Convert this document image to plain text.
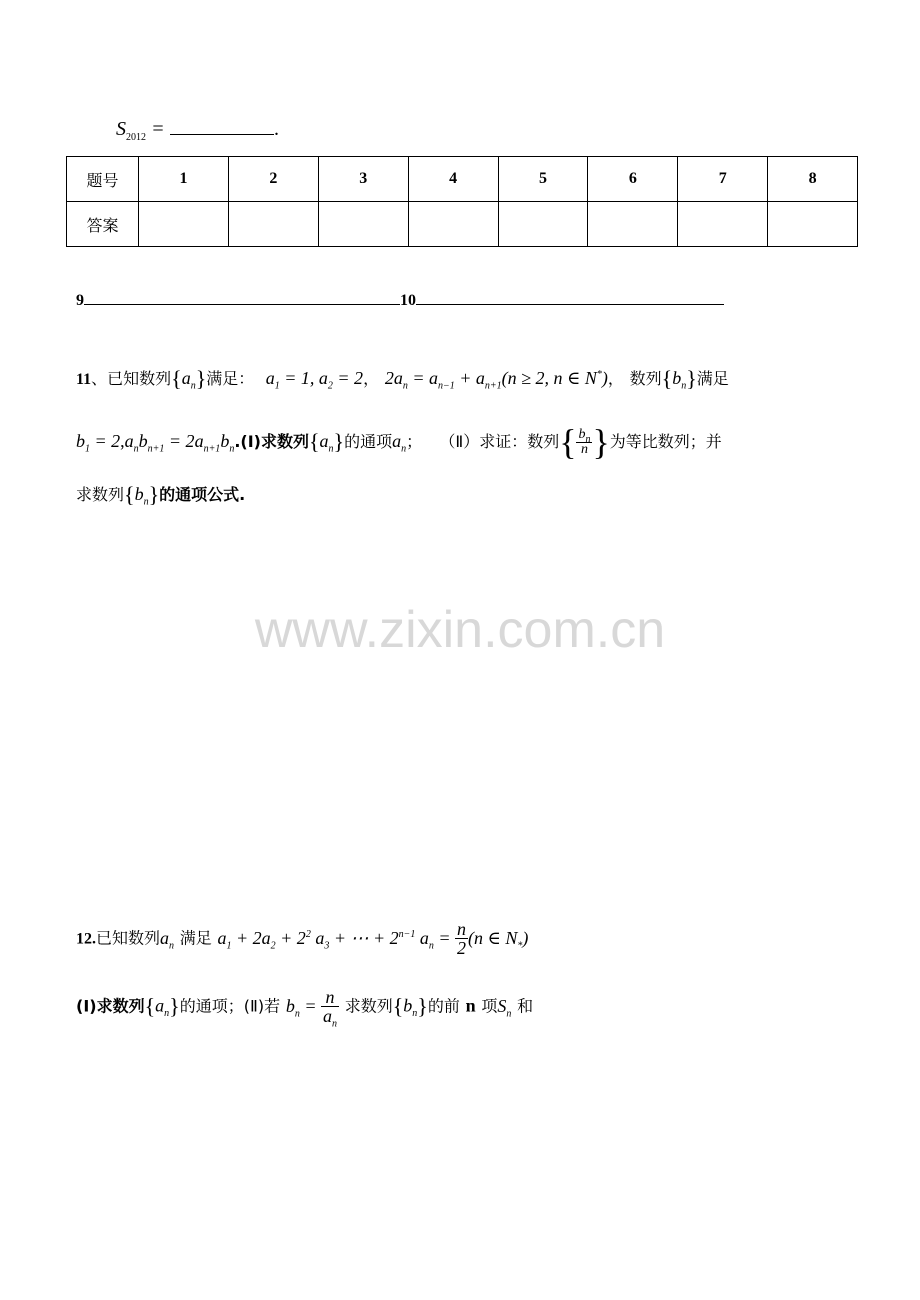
$S_{2012}$ =	.
题号	1	2	3	4	5	6	7	8
答案								
9	10
11、已知数列$\{a_n\}$满足： $a_1 = 1$, $a_2 = 2$， $2a_n = a_{n-1} + a_{n+1}(n \ge 2$, n ∈ N*)， 数列$\{b_n\}$满足
$b_1 = 2,a_nb_{n+1}$ = $2a_{n+1}b_n.(Ⅰ)$求数列$\{a_n\}$的通项$a_n$； （Ⅱ）求证：数列{ $\frac{b_n}{n}$ }为等比数列；并
求数列$\{b_n\}$的通项公式.
www.zixin.com.cn
12.已知数列$a_n$ 满足 $a_1 + 2a_2 + 2^2$ $a_3$ + ⋯ + $2^{n-1}$ $a_n = \frac{n}{2} (n$ ∈ $N_*$)
(Ⅰ)求数列$\{a_n\}$的通项；(Ⅱ)若 $b_n = \frac{n}{a_n}$ 求数列$\{b_n\}$的前 n 项$S_n$ 和
